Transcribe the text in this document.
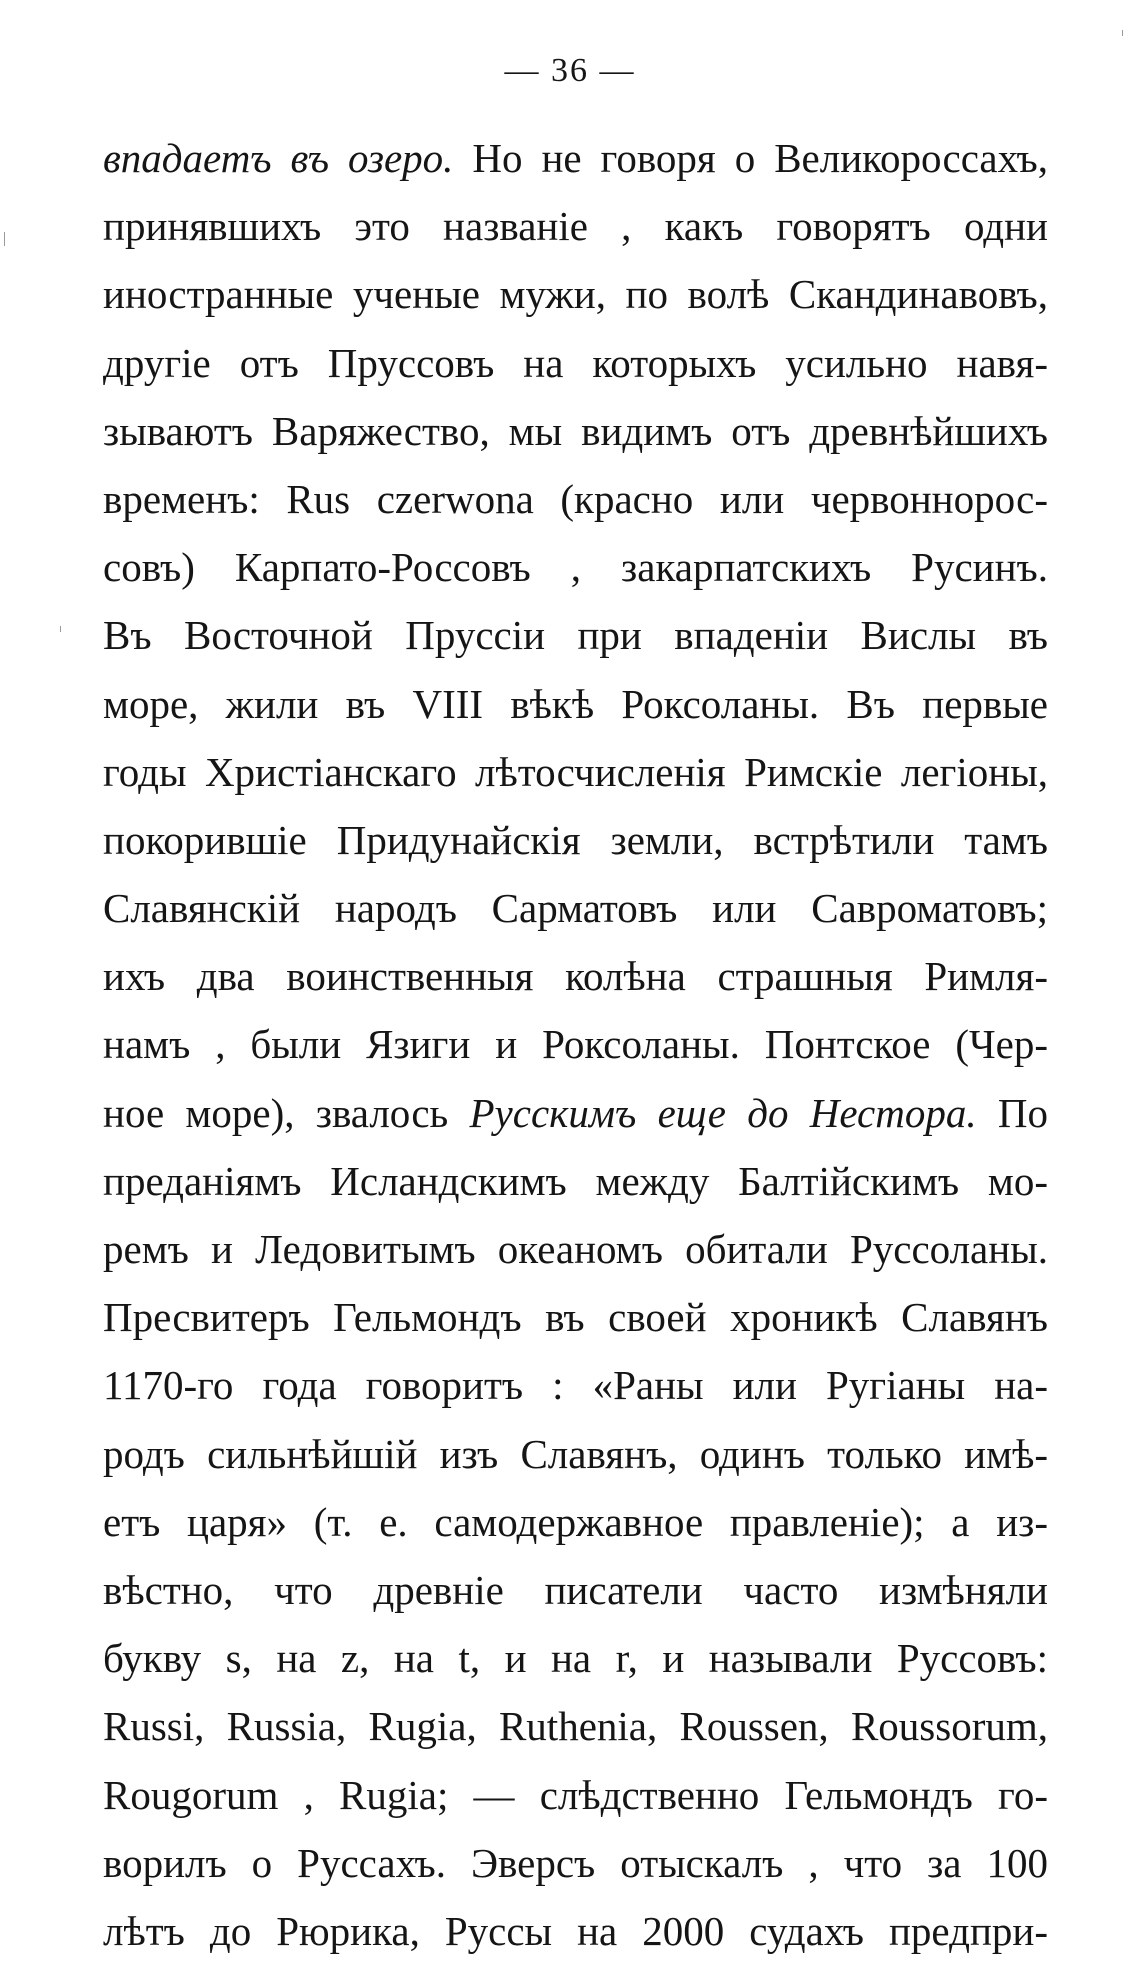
— 36 —
впадаетъ въ озеро. Но не говоря о Великороссахъ,
принявшихъ это названіе , какъ говорятъ одни
иностранные ученые мужи, по волѣ Скандинавовъ,
другіе отъ Пруссовъ на которыхъ усильно навя-
зываютъ Варяжество, мы видимъ отъ древнѣйшихъ
временъ: Rus czerwona (красно или червоннорос-
совъ) Карпато-Россовъ , закарпатскихъ Русинъ.
Въ Восточной Пруссіи при впаденіи Вислы въ
море, жили въ VIII вѣкѣ Роксоланы. Въ первые
годы Христіанскаго лѣтосчисленія Римскіе легіоны,
покорившіе Придунайскія земли, встрѣтили тамъ
Славянскій народъ Сарматовъ или Савроматовъ;
ихъ два воинственныя колѣна страшныя Римля-
намъ , были Язиги и Роксоланы. Понтское (Чер-
ное море), звалось Русскимъ еще до Нестора. По
преданіямъ Исландскимъ между Балтійскимъ мо-
ремъ и Ледовитымъ океаномъ обитали Руссоланы.
Пресвитеръ Гельмондъ въ своей хроникѣ Славянъ
1170-го года говоритъ : «Раны или Ругіаны на-
родъ сильнѣйшій изъ Славянъ, одинъ только имѣ-
етъ царя» (т. е. самодержавное правленіе); а из-
вѣстно, что древніе писатели часто измѣняли
букву s, на z, на t, и на r, и называли Руссовъ:
Russi, Russia, Rugia, Ruthenia, Roussen, Roussorum,
Rougorum , Rugia; — слѣдственно Гельмондъ го-
ворилъ о Руссахъ. Эверсъ отыскалъ , что за 100
лѣтъ до Рюрика, Руссы на 2000 судахъ предпри-
